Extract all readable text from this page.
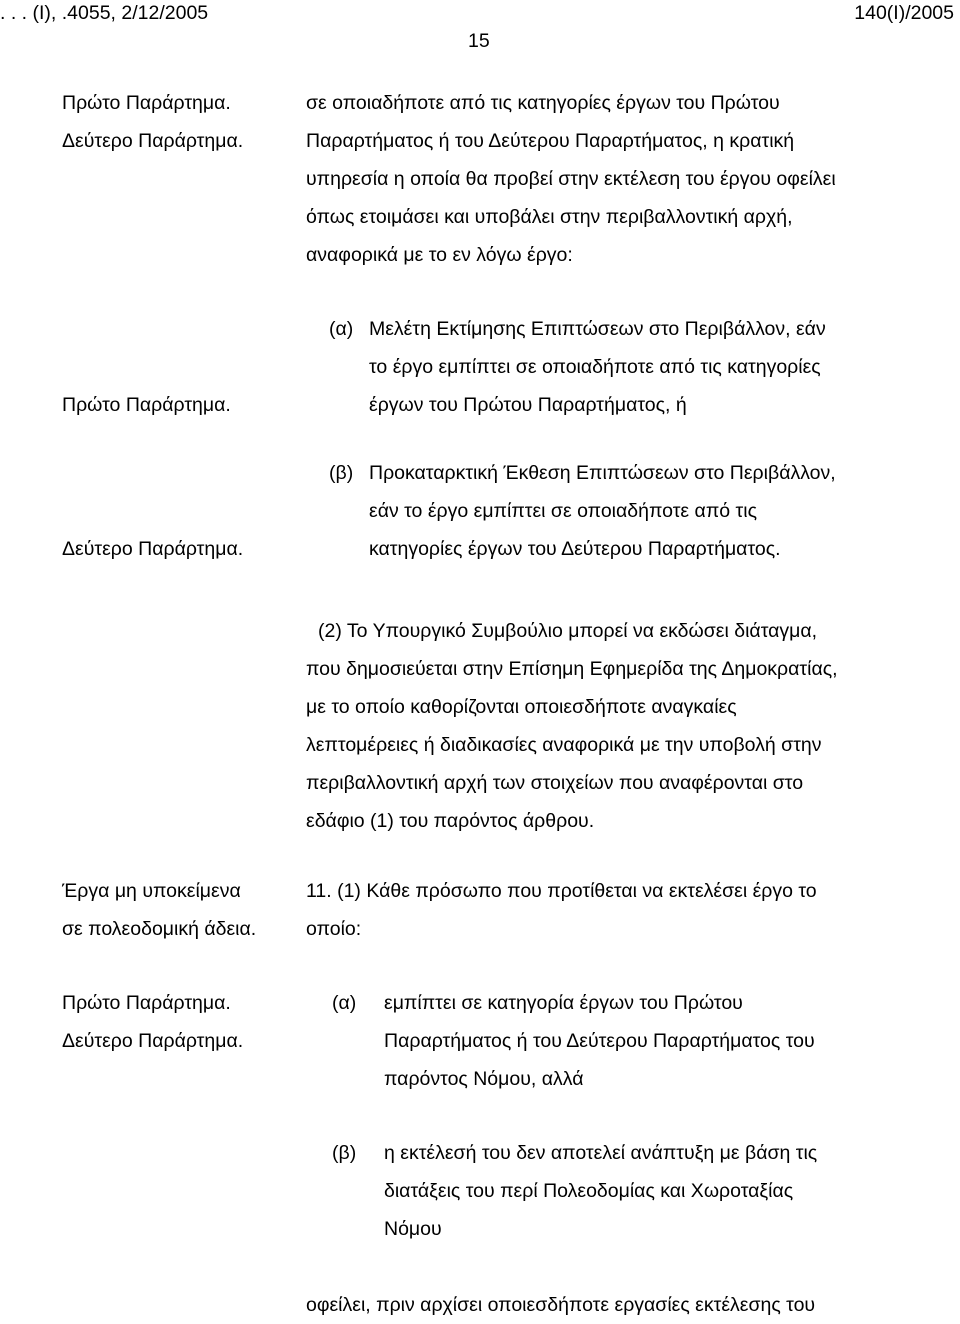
. . . (Ι), .4055, 2/12/2005	140(Ι)/2005
15
Πρώτο Παράρτημα.
Δεύτερο Παράρτημα.
σε οποιαδήποτε από τις κατηγορίες έργων του Πρώτου
Παραρτήματος ή του Δεύτερου Παραρτήματος, η κρατική
υπηρεσία η οποία θα προβεί στην εκτέλεση του έργου οφείλει
όπως ετοιμάσει και υποβάλει στην περιβαλλοντική αρχή,
αναφορικά με το εν λόγω έργο:
Πρώτο Παράρτημα.
(α) Μελέτη Εκτίμησης Επιπτώσεων στο Περιβάλλον, εάν
το έργο εμπίπτει σε οποιαδήποτε από τις κατηγορίες
έργων του Πρώτου Παραρτήματος, ή
Δεύτερο Παράρτημα.
(β) Προκαταρκτική Έκθεση Επιπτώσεων στο Περιβάλλον,
εάν το έργο εμπίπτει σε οποιαδήποτε από τις
κατηγορίες έργων του Δεύτερου Παραρτήματος.
(2) Το Υπουργικό Συμβούλιο μπορεί να εκδώσει διάταγμα,
που δημοσιεύεται στην Επίσημη Εφημερίδα της Δημοκρατίας,
με το οποίο καθορίζονται οποιεσδήποτε αναγκαίες
λεπτομέρειες ή διαδικασίες αναφορικά με την υποβολή στην
περιβαλλοντική αρχή των στοιχείων που αναφέρονται στο
εδάφιο (1) του παρόντος άρθρου.
Έργα μη υποκείμενα
σε πολεοδομική άδεια.
11. (1) Κάθε πρόσωπο που προτίθεται να εκτελέσει έργο το
οποίο:
Πρώτο Παράρτημα.
Δεύτερο Παράρτημα.
(α) εμπίπτει σε κατηγορία έργων του Πρώτου
Παραρτήματος ή του Δεύτερου Παραρτήματος του
παρόντος Νόμου, αλλά
(β) η εκτέλεσή του δεν αποτελεί ανάπτυξη με βάση τις
διατάξεις του περί Πολεοδομίας και Χωροταξίας
Νόμου
οφείλει, πριν αρχίσει οποιεσδήποτε εργασίες εκτέλεσης του
